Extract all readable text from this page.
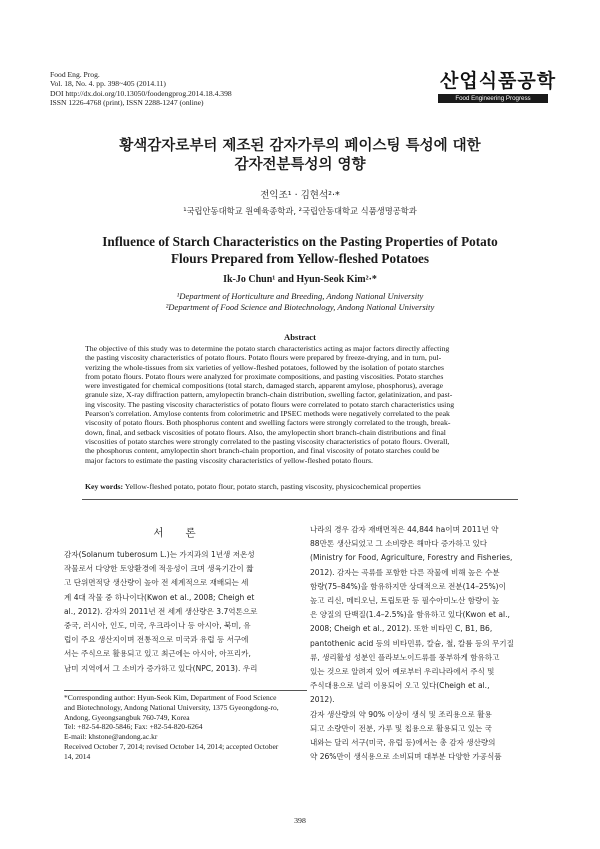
Food Eng. Prog.
Vol. 18, No. 4. pp. 398~405 (2014.11)
DOI http://dx.doi.org/10.13050/foodengprog.2014.18.4.398
ISSN 1226-4768 (print), ISSN 2288-1247 (online)
산업식품공학
Food Engineering Progress
황색감자로부터 제조된 감자가루의 페이스팅 특성에 대한
감자전분특성의 영향
전익조¹ · 김현석²·*
¹국립안동대학교 원예육종학과, ²국립안동대학교 식품생명공학과
Influence of Starch Characteristics on the Pasting Properties of Potato
Flours Prepared from Yellow-fleshed Potatoes
Ik-Jo Chun¹ and Hyun-Seok Kim²·*
¹Department of Horticulture and Breeding, Andong National University
²Department of Food Science and Biotechnology, Andong National University
Abstract
The objective of this study was to determine the potato starch characteristics acting as major factors directly affecting
the pasting viscosity characteristics of potato flours. Potato flours were prepared by freeze-drying, and in turn, pul-
verizing the whole-tissues from six varieties of yellow-fleshed potatoes, followed by the isolation of potato starches
from potato flours. Potato flours were analyzed for proximate compositions, and pasting viscosities. Potato starches
were investigated for chemical compositions (total starch, damaged starch, apparent amylose, phosphorus), average
granule size, X-ray diffraction pattern, amylopectin branch-chain distribution, swelling factor, gelatinization, and past-
ing viscosity. The pasting viscosity characteristics of potato flours were correlated to potato starch characteristics using
Pearson's correlation. Amylose contents from colorimetric and IPSEC methods were negatively correlated to the peak
viscosity of potato flours. Both phosphorus content and swelling factors were strongly correlated to the trough, break-
down, final, and setback viscosities of potato flours. Also, the amylopectin short branch-chain distributions and final
viscosities of potato starches were strongly correlated to the pasting viscosity characteristics of potato flours. Overall,
the phosphorus content, amylopectin short branch-chain proportion, and final viscosity of potato starches could be
major factors to estimate the pasting viscosity characteristics of yellow-fleshed potato flours.
Key words: Yellow-fleshed potato, potato flour, potato starch, pasting viscosity, physicochemical properties
서론
감자(Solanum tuberosum L.)는 가지과의 1년생 저온성
작물로서 다양한 토양환경에 적응성이 크며 생육기간이 짧
고 단위면적당 생산량이 높아 전 세계적으로 재배되는 세
계 4대 작물 중 하나이다(Kwon et al., 2008; Cheigh et
al., 2012). 감자의 2011년 전 세계 생산량은 3.7억톤으로
중국, 러시아, 인도, 미국, 우크라이나 등 아시아, 북미, 유
럽이 주요 생산지이며 전통적으로 미국과 유럽 등 서구에
서는 주식으로 활용되고 있고 최근에는 아시아, 아프리카,
남미 지역에서 그 소비가 증가하고 있다(NPC, 2013). 우리
나라의 경우 감자 재배면적은 44,844 ha이며 2011년 약
88만톤 생산되었고 그 소비량은 해마다 증가하고 있다
(Ministry for Food, Agriculture, Forestry and Fisheries,
2012). 감자는 곡류를 포함한 다른 작물에 비해 높은 수분
함량(75–84%)을 함유하지만 상대적으로 전분(14–25%)이
높고 리신, 메티오닌, 트립토판 등 필수아미노산 함량이 높
은 양질의 단백질(1.4–2.5%)을 함유하고 있다(Kwon et al.,
2008; Cheigh et al., 2012). 또한 비타민 C, B1, B6,
pantothenic acid 등의 비타민류, 칼슘, 철, 칼륨 등의 무기질
류, 생리활성 성분인 플라보노이드류를 풍부하게 함유하고
있는 것으로 알려져 있어 예로부터 우리나라에서 주식 및
주식대용으로 널리 이용되어 오고 있다(Cheigh et al.,
2012).
감자 생산량의 약 90% 이상이 생식 및 조리용으로 활용
되고 소량만이 전분, 가루 및 칩용으로 활용되고 있는 국
내와는 달리 서구(미국, 유럽 등)에서는 총 감자 생산량의
약 26%만이 생식용으로 소비되며 대부분 다양한 가공식품
*Corresponding author: Hyun-Seok Kim, Department of Food Science
and Biotechnology, Andong National University, 1375 Gyeongdong-ro,
Andong, Gyeongsangbuk 760-749, Korea
Tel: +82-54-820-5846; Fax: +82-54-820-6264
E-mail: khstone@andong.ac.kr
Received October 7, 2014; revised October 14, 2014; accepted October
14, 2014
398
